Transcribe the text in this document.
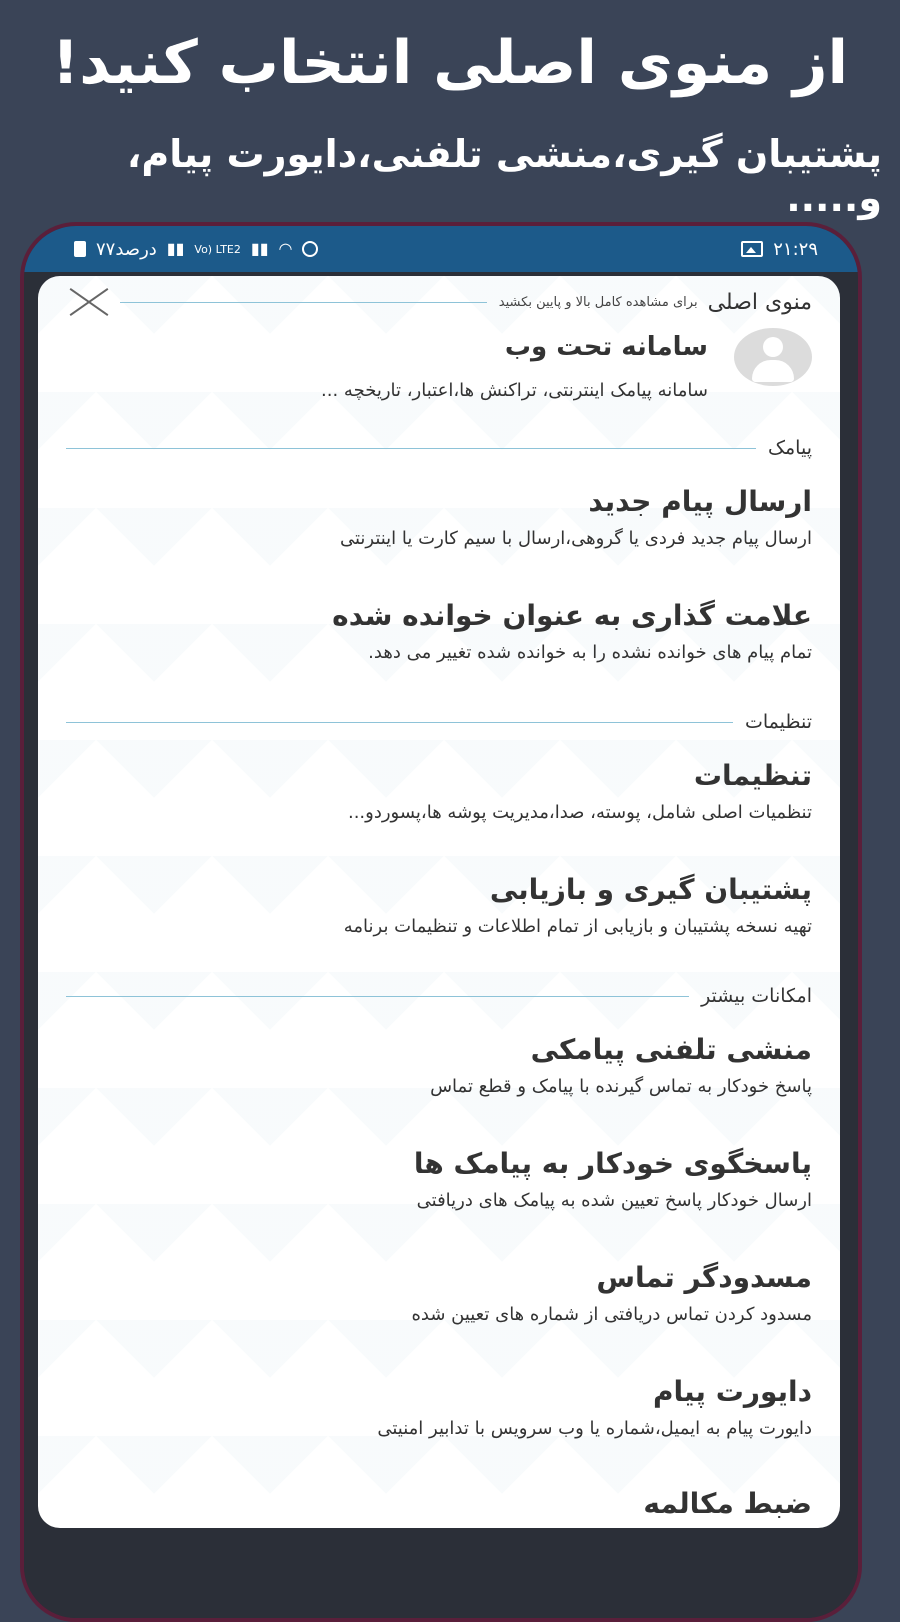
از منوی اصلی انتخاب کنید!
پشتیبان گیری،منشی تلفنی،دایورت پیام، و.....
۷۷درصد ▮▮ Vo) LTE2 ▮▮ ◠	۲۱:۲۹
منوی اصلی
برای مشاهده کامل بالا و پایین بکشید
سامانه تحت وب
سامانه پیامک اینترنتی، تراکنش ها،اعتبار، تاریخچه ...
پیامک
ارسال پیام جدید
ارسال پیام جدید فردی یا گروهی،ارسال با سیم کارت یا اینترنتی
علامت گذاری به عنوان خوانده شده
تمام پیام های خوانده نشده را به خوانده شده تغییر می دهد.
تنظیمات
تنظیمات
تنظمیات اصلی شامل، پوسته، صدا،مدیریت پوشه ها،پسوردو...
پشتیبان گیری و بازیابی
تهیه نسخه پشتیبان و بازیابی از تمام اطلاعات و تنظیمات برنامه
امکانات بیشتر
منشی تلفنی پیامکی
پاسخ خودکار به تماس گیرنده با پیامک و قطع تماس
پاسخگوی خودکار به پیامک ها
ارسال خودکار پاسخ تعیین شده به پیامک های دریافتی
مسدودگر تماس
مسدود کردن تماس دریافتی از شماره های تعیین شده
دایورت پیام
دایورت پیام به ایمیل،شماره یا وب سرویس با تدابیر امنیتی
ضبط مکالمه
